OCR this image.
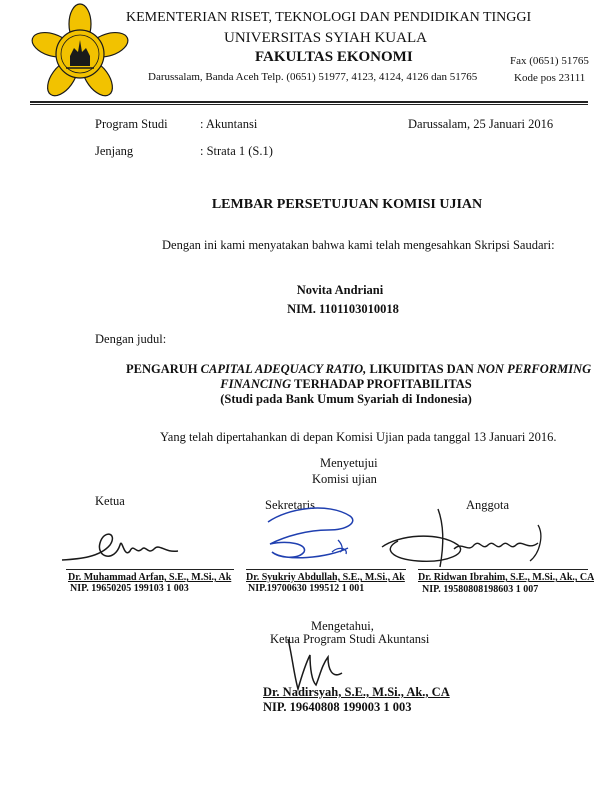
KEMENTERIAN RISET, TEKNOLOGI DAN PENDIDIKAN TINGGI
UNIVERSITAS SYIAH KUALA
FAKULTAS EKONOMI
Darussalam, Banda Aceh Telp. (0651) 51977, 4123, 4124, 4126 dan 51765
Fax (0651) 51765
Kode pos 23111
Program Studi	: Akuntansi	Darussalam, 25 Januari 2016
Jenjang	: Strata 1 (S.1)
LEMBAR PERSETUJUAN KOMISI UJIAN
Dengan ini kami menyatakan bahwa kami telah mengesahkan Skripsi Saudari:
Novita Andriani
NIM. 1101103010018
Dengan judul:
PENGARUH CAPITAL ADEQUACY RATIO, LIKUIDITAS DAN NON PERFORMING
FINANCING TERHADAP PROFITABILITAS
(Studi pada Bank Umum Syariah di Indonesia)
Yang telah dipertahankan di depan Komisi Ujian pada tanggal 13 Januari 2016.
Menyetujui
Komisi ujian
Ketua	Sekretaris	Anggota
Dr. Muhammad Arfan, S.E., M.Si., Ak
NIP. 19650205 199103 1 003
Dr. Syukriy Abdullah, S.E., M.Si., Ak
NIP.19700630 199512 1 001
Dr. Ridwan Ibrahim, S.E., M.Si., Ak., CA
NIP. 19580808198603 1 007
Mengetahui,
Ketua Program Studi Akuntansi
Dr. Nadirsyah, S.E., M.Si., Ak., CA
NIP. 19640808 199003 1 003
